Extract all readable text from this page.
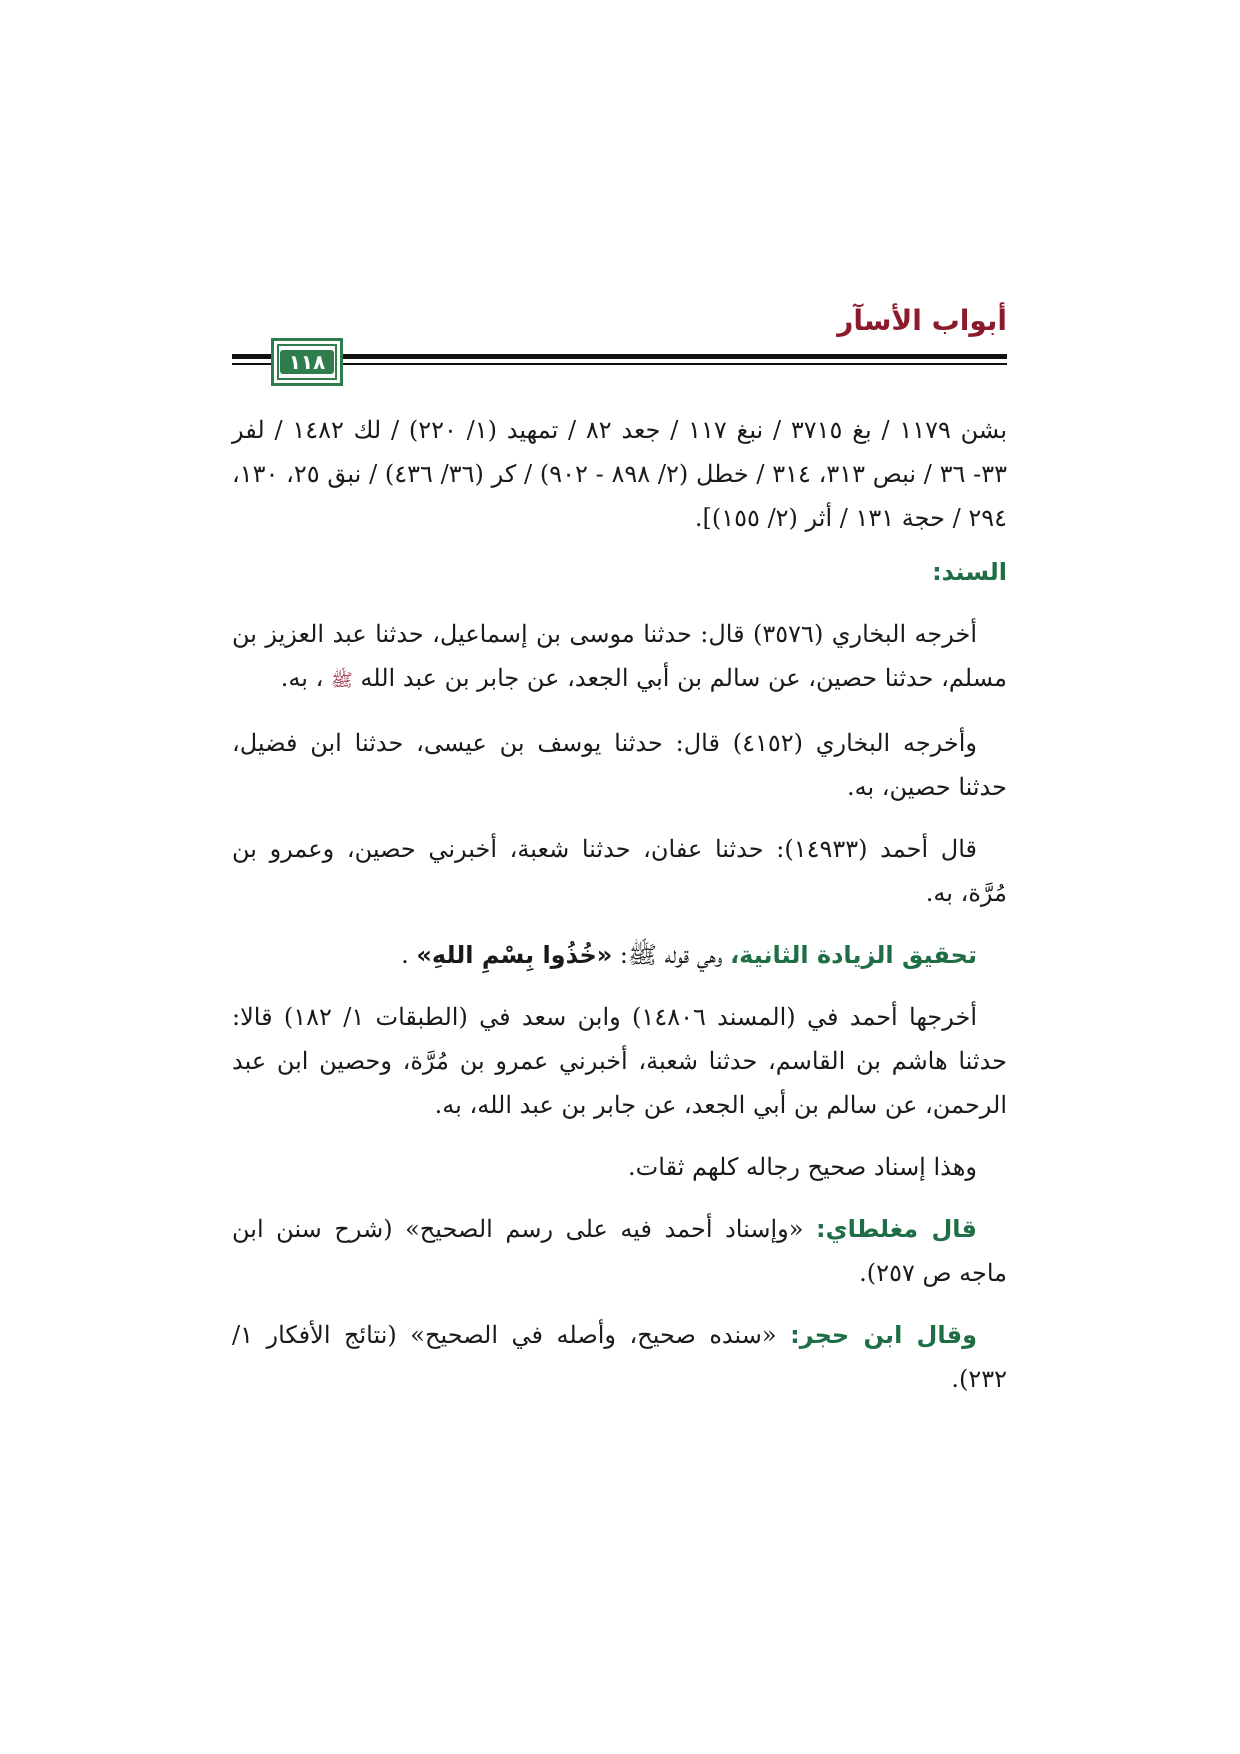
أبواب الأسآر
١١٨

بشن ١١٧٩ / بغ ٣٧١٥ / نبغ ١١٧ / جعد ٨٢ / تمهيد (١/ ٢٢٠) / لك ١٤٨٢ / لفر ٣٣- ٣٦ / نبص ٣١٣، ٣١٤ / خطل (٢/ ٨٩٨ - ٩٠٢) / كر (٣٦/ ٤٣٦) / نبق ٢٥، ١٣٠، ٢٩٤ / حجة ١٣١ / أثر (٢/ ١٥٥)].

السند:

أخرجه البخاري (٣٥٧٦) قال: حدثنا موسى بن إسماعيل، حدثنا عبد العزيز بن مسلم، حدثنا حصين، عن سالم بن أبي الجعد، عن جابر بن عبد الله ﷺ ، به.

وأخرجه البخاري (٤١٥٢) قال: حدثنا يوسف بن عيسى، حدثنا ابن فضيل، حدثنا حصين، به.

قال أحمد (١٤٩٣٣): حدثنا عفان، حدثنا شعبة، أخبرني حصين، وعمرو بن مُرَّة، به.

تحقيق الزيادة الثانية، وهي قوله ﷺ: «خُذُوا بِسْمِ اللهِ» .

أخرجها أحمد في (المسند ١٤٨٠٦) وابن سعد في (الطبقات ١/ ١٨٢) قالا: حدثنا هاشم بن القاسم، حدثنا شعبة، أخبرني عمرو بن مُرَّة، وحصين ابن عبد الرحمن، عن سالم بن أبي الجعد، عن جابر بن عبد الله، به.

وهذا إسناد صحيح رجاله كلهم ثقات.

قال مغلطاي: «وإسناد أحمد فيه على رسم الصحيح» (شرح سنن ابن ماجه ص ٢٥٧).

وقال ابن حجر: «سنده صحيح، وأصله في الصحيح» (نتائج الأفكار ١/ ٢٣٢).
